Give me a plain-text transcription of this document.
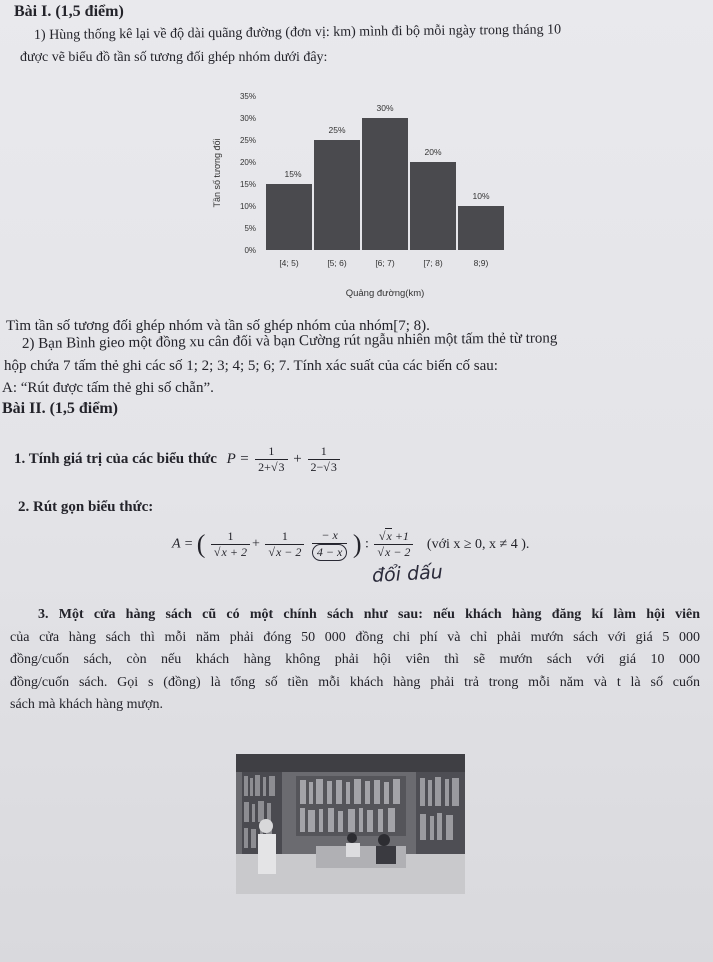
Bài I. (1,5 điểm)
1) Hùng thống kê lại về độ dài quãng đường (đơn vị: km) mình đi bộ mỗi ngày trong tháng 10
được vẽ biểu đồ tần số tương đối ghép nhóm dưới đây:
Tần số tương đối
0%
5%
10%
15%
20%
25%
30%
35%
15%
25%
30%
20%
10%
[4; 5)	[5; 6)	[6; 7)	[7; 8)	8;9)
Quảng đường(km)
Tìm tần số tương đối ghép nhóm và tần số ghép nhóm của nhóm[7; 8).
2) Bạn Bình gieo một đồng xu cân đối và bạn Cường rút ngẫu nhiên một tấm thẻ từ trong
hộp chứa 7 tấm thẻ ghi các số 1; 2; 3; 4; 5; 6; 7. Tính xác suất của các biến cố sau:
A: “Rút được tấm thẻ ghi số chẵn”.
Bài II. (1,5 điểm)
1. Tính giá trị của các biểu thức $P = \frac{1}{2+√3} + \frac{1}{2-√3}$
2. Rút gọn biểu thức:
A = ( $\frac{1}{√x + 2} + \frac{1}{√x - 2}$
$\frac{- x}{4 - x}$ ) : $\frac{√x +1}{√x - 2}$ (với x ≥ 0, x ≠ 4 ).
đổi dấu
3. Một cửa hàng sách cũ có một chính sách như sau: nếu khách hàng đăng kí làm hội viên
của cửa hàng sách thì mỗi năm phải đóng 50 000 đồng chi phí và chỉ phải mướn sách với giá 5 000
đồng/cuốn sách, còn nếu khách hàng không phải hội viên thì sẽ mướn sách với giá 10 000
đồng/cuốn sách. Gọi s (đồng) là tổng số tiền mỗi khách hàng phải trả trong mỗi năm và t là số cuốn
sách mà khách hàng mượn.
